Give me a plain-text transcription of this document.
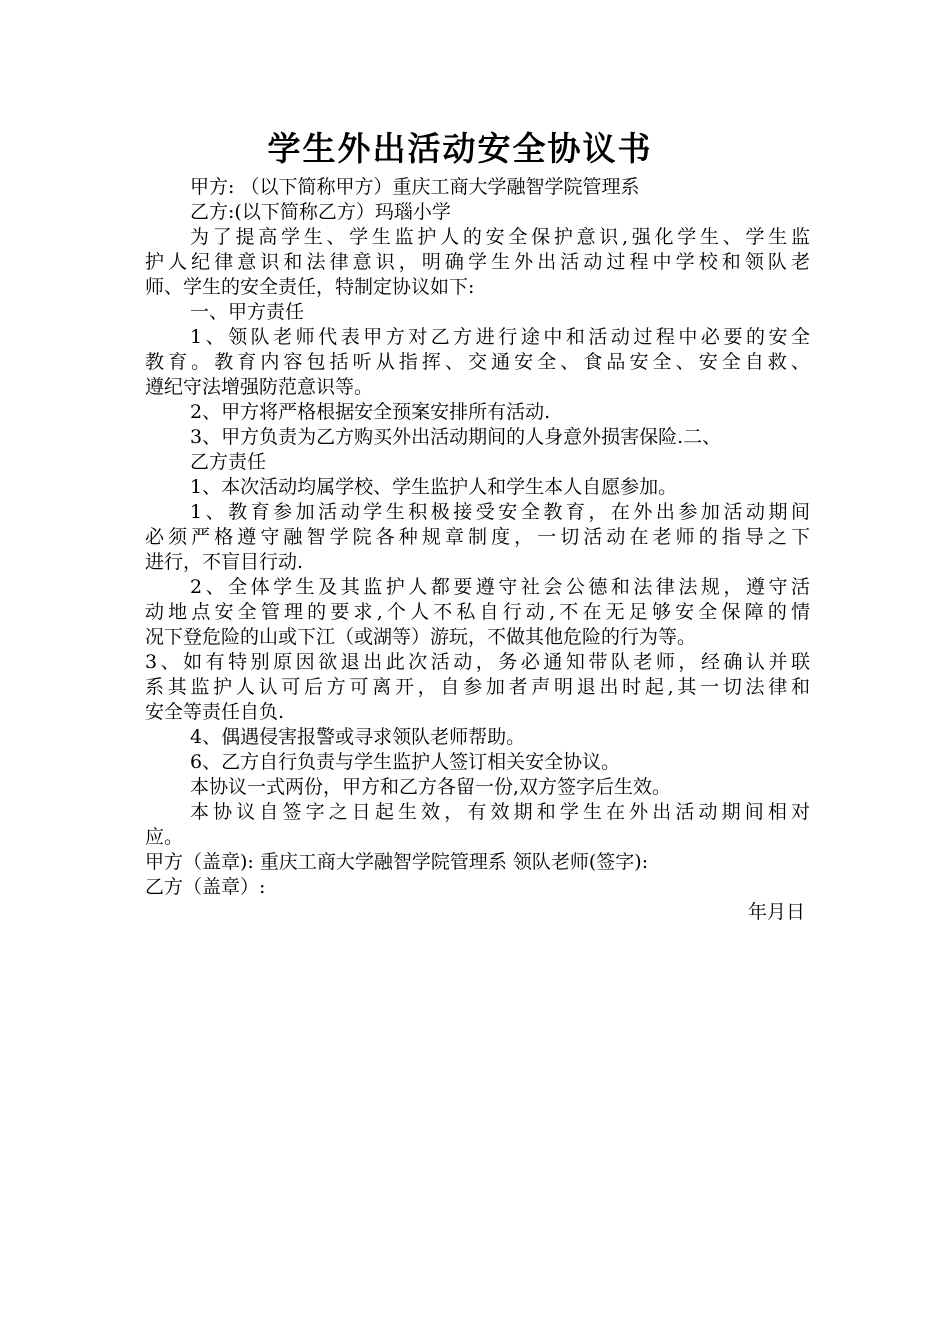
学生外出活动安全协议书
甲方: （以下简称甲方）重庆工商大学融智学院管理系
乙方:(以下简称乙方）玛瑙小学
为了提高学生、学生监护人的安全保护意识,强化学生、学生监
护人纪律意识和法律意识，明确学生外出活动过程中学校和领队老
师、学生的安全责任，特制定协议如下:
一、甲方责任
1、领队老师代表甲方对乙方进行途中和活动过程中必要的安全
教育。教育内容包括听从指挥、交通安全、食品安全、安全自救、
遵纪守法增强防范意识等。
2、甲方将严格根据安全预案安排所有活动.
3、甲方负责为乙方购买外出活动期间的人身意外损害保险.二、
乙方责任
1、本次活动均属学校、学生监护人和学生本人自愿参加。
1、教育参加活动学生积极接受安全教育，在外出参加活动期间
必须严格遵守融智学院各种规章制度，一切活动在老师的指导之下
进行，不盲目行动.
2、全体学生及其监护人都要遵守社会公德和法律法规，遵守活
动地点安全管理的要求,个人不私自行动,不在无足够安全保障的情
况下登危险的山或下江（或湖等）游玩，不做其他危险的行为等。
3、如有特别原因欲退出此次活动，务必通知带队老师，经确认并联
系其监护人认可后方可离开，自参加者声明退出时起,其一切法律和
安全等责任自负.
4、偶遇侵害报警或寻求领队老师帮助。
6、乙方自行负责与学生监护人签订相关安全协议。
本协议一式两份，甲方和乙方各留一份,双方签字后生效。
本协议自签字之日起生效，有效期和学生在外出活动期间相对
应。
甲方（盖章): 重庆工商大学融智学院管理系 领队老师(签字):
乙方（盖章）:
年月日
